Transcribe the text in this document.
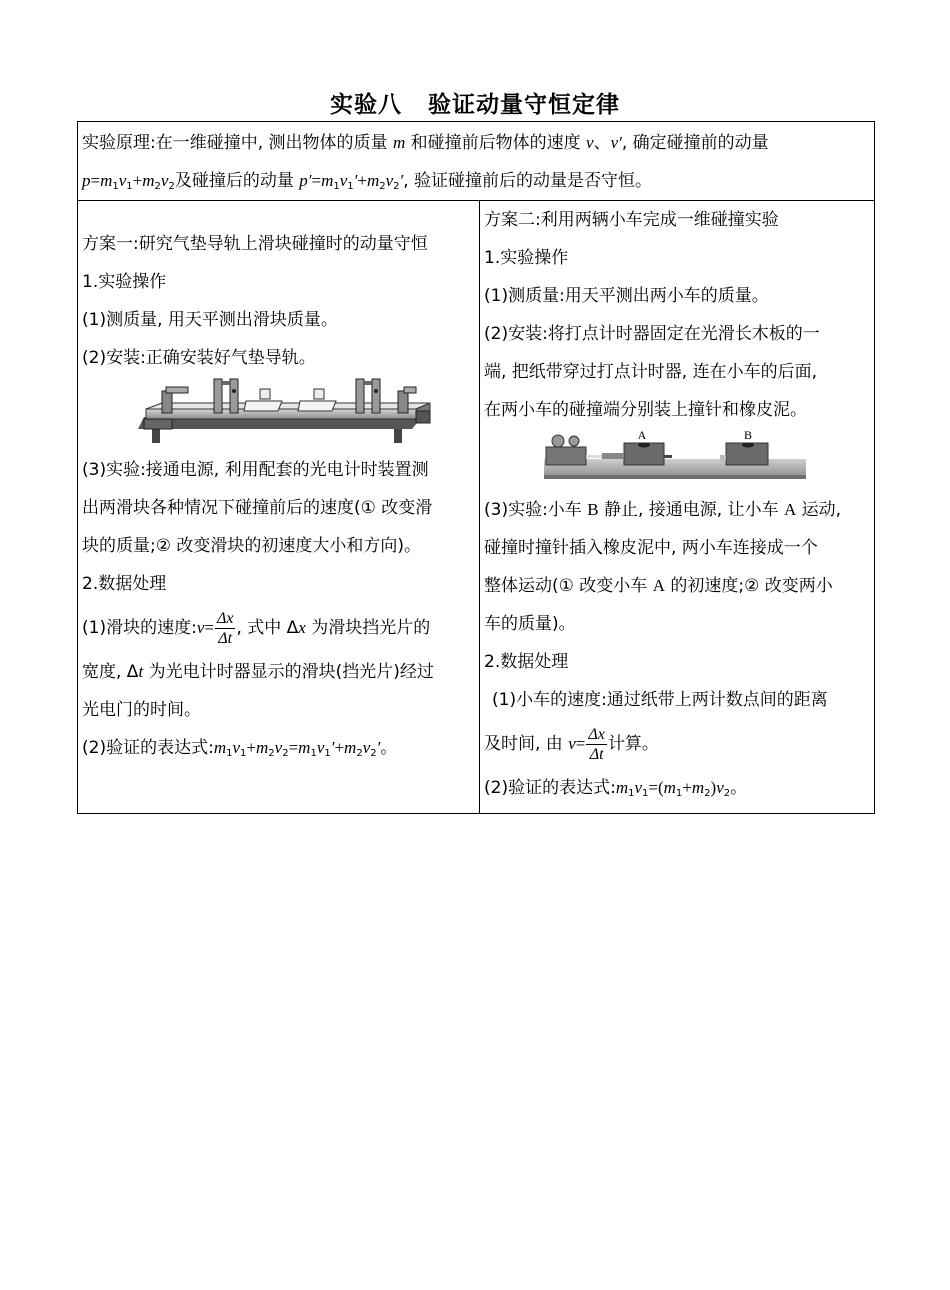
实验八 验证动量守恒定律
实验原理:在一维碰撞中, 测出物体的质量 m 和碰撞前后物体的速度 v、v′, 确定碰撞前的动量
$p=m_1v_1+m_2v_2$及碰撞后的动量 $p'=m_1v_1'+m_2v_2'$, 验证碰撞前后的动量是否守恒。

方案一:研究气垫导轨上滑块碰撞时的动量守恒
1.实验操作
(1)测质量, 用天平测出滑块质量。
(2)安装:正确安装好气垫导轨。
(3)实验:接通电源, 利用配套的光电计时装置测
出两滑块各种情况下碰撞前后的速度(① 改变滑
块的质量;② 改变滑块的初速度大小和方向)。
2.数据处理
(1)滑块的速度:v= $\frac{\Delta x}{\Delta t}$ , 式中 Δx 为滑块挡光片的
宽度, Δt 为光电计时器显示的滑块(挡光片)经过
光电门的时间。
(2)验证的表达式$:m_1v_1+m_2v_2=m_1v_1'+m_2v_2'$。

方案二:利用两辆小车完成一维碰撞实验
1.实验操作
(1)测质量:用天平测出两小车的质量。
(2)安装:将打点计时器固定在光滑长木板的一
端, 把纸带穿过打点计时器, 连在小车的后面,
在两小车的碰撞端分别装上撞针和橡皮泥。
A	B
(3)实验:小车 B 静止, 接通电源, 让小车 A 运动,
碰撞时撞针插入橡皮泥中, 两小车连接成一个
整体运动(① 改变小车 A 的初速度;② 改变两小
车的质量)。
2.数据处理
(1)小车的速度:通过纸带上两计数点间的距离
及时间, 由 $v= \frac{\Delta x}{\Delta t}$ 计算。
(2)验证的表达式$:m_1v_1=(m_1+m_2)v_2$。
